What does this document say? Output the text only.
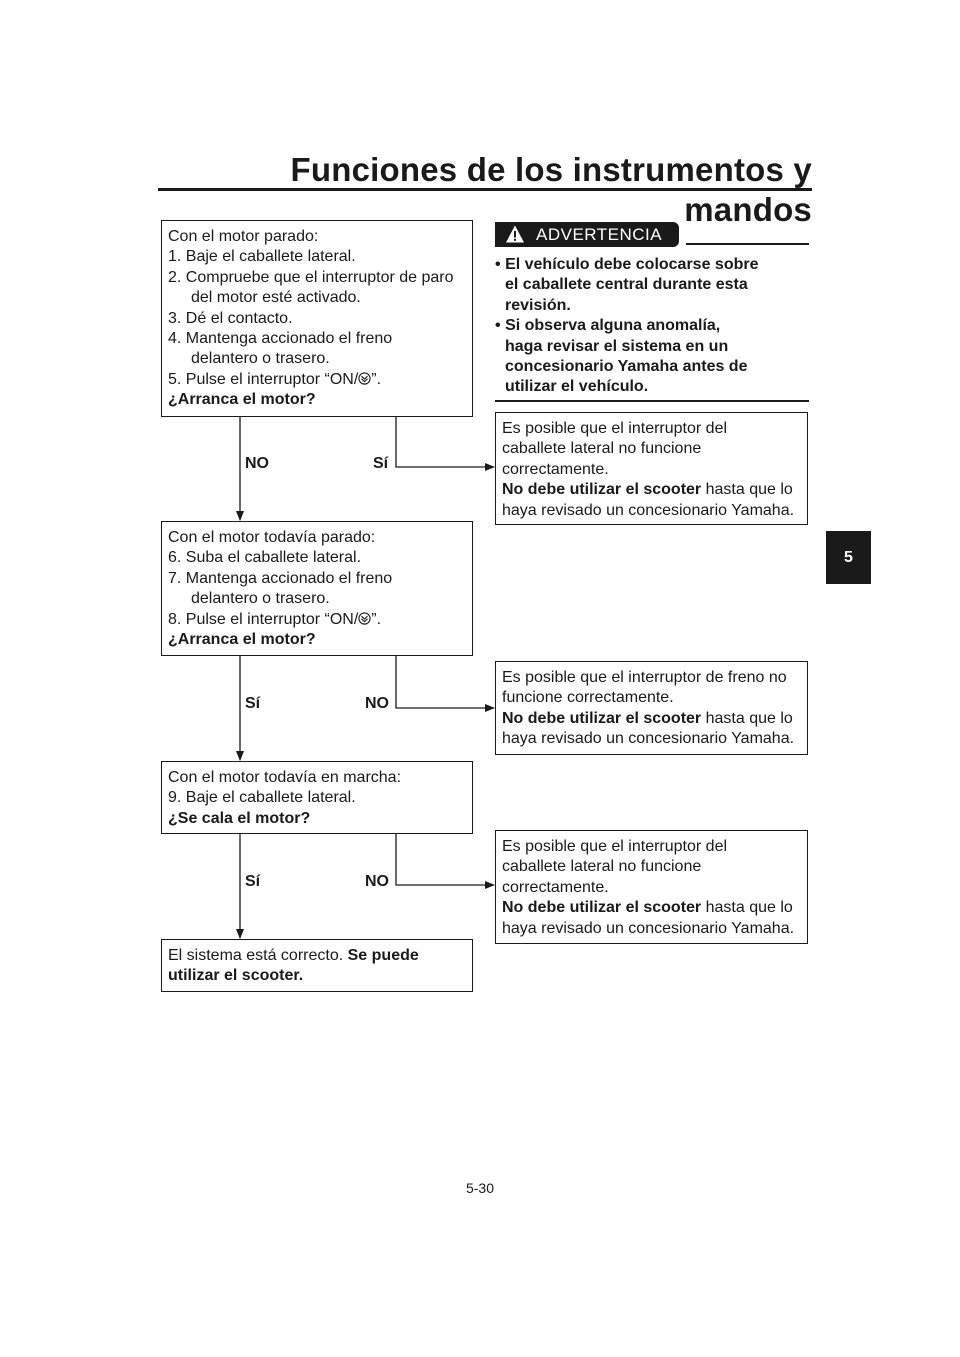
Funciones de los instrumentos y mandos
5
Con el motor parado:
1. Baje el caballete lateral.
2. Compruebe que el interruptor de paro
del motor esté activado.
3. Dé el contacto.
4. Mantenga accionado el freno
delantero o trasero.
5. Pulse el interruptor “ON/ ”.
¿Arranca el motor?
NO	Sí
Con el motor todavía parado:
6. Suba el caballete lateral.
7. Mantenga accionado el freno
delantero o trasero.
8. Pulse el interruptor “ON/ ”.
¿Arranca el motor?
Sí	NO
Con el motor todavía en marcha:
9. Baje el caballete lateral.
¿Se cala el motor?
Sí	NO
El sistema está correcto. Se puede
utilizar el scooter.
ADVERTENCIA
• El vehículo debe colocarse sobre
el caballete central durante esta
revisión.
• Si observa alguna anomalía,
haga revisar el sistema en un
concesionario Yamaha antes de
utilizar el vehículo.
Es posible que el interruptor del
caballete lateral no funcione
correctamente.
No debe utilizar el scooter hasta que lo
haya revisado un concesionario Yamaha.
Es posible que el interruptor de freno no
funcione correctamente.
No debe utilizar el scooter hasta que lo
haya revisado un concesionario Yamaha.
Es posible que el interruptor del
caballete lateral no funcione
correctamente.
No debe utilizar el scooter hasta que lo
haya revisado un concesionario Yamaha.
5-30
